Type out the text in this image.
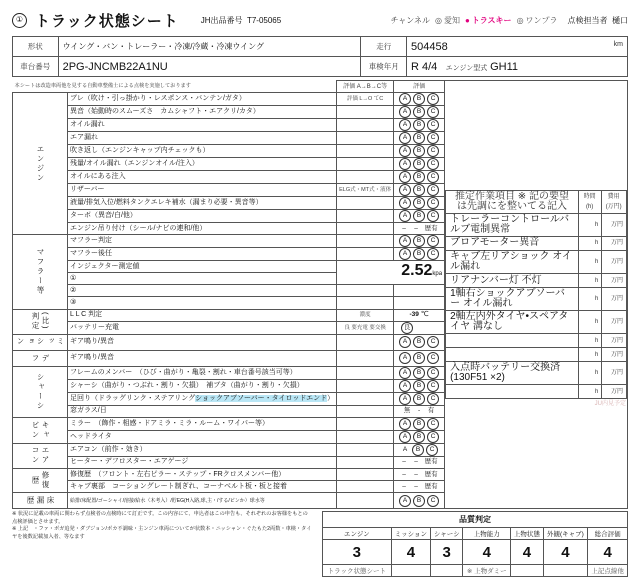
① トラック状態シート	JH出品番号 T7-05065	チャンネル ◎ 愛知 ● トラスキー ◎ ワンプラ 点検担当者 樋口
形状	ウイング・バン・トレーラー・冷凍/冷蔵・冷凍ウイング	走行	504458 km

車台番号	2PG-JNCMB22A1NU	車検年月	R 4/4 エンジン型式 GH11
本シートは改造車両他を見する自動車整備士による点検を実施しております	評価 A→B→C等	評価	
推定作業項目 ※ 記の要望は先調にを整いてる記入	時間(h)	費用(万円)
トレーラーコントロールバルブ電制異常	h	万円
ブロアモーター異音	h	万円
キャブ左リアショック オイル漏れ	h	万円
リアナンバー灯 不灯	h	万円
1軸右ショックアブソーバー オイル漏れ	h	万円
2軸左内外タイヤ•スペアタイヤ 溝なし	h	万円
	h	万円
	h	万円
入点時バッテリー交換済(130F51 ×2)	h	万円
	h	万円

エンジン	ブレ（吹け・引っ掛かり・レスポンス・バンテン/ガタ）	評価 L→O てC	A B C
異音（始動時のスムーズさ　カムシャフト・エアクリ/カタ）		A B C
オイル漏れ		A B C
エア漏れ		A B C
吹き返し（エンジンキャップ内チェックも）		A B C
残量/オイル漏れ（エンジンオイル/注入）		A B C
オイルにある注入		A B C
リザーバー	ELG式・MT式・液体	A B C
液量/排気入位/燃料タンクエレキ補水（漏まり必要・異音等）		A B C
ターボ（異音/白/他）		A B C
エンジン吊り付け（シール/ナビの連和/他）		– – 歴有
マフラー等	マフラー判定		A B C
マフラー後任		A B C
インジェクター測定値	2.52kpa
①
②		
③		
(比)判定	L L C 判定	濃度	-39 ℃
バッテリー充電	良 要充電 要交換	良　　
ミッション	ギア鳴り/異音		A B C
デフ	ギア鳴り/異音		A B C
シャーシ	フレームのメンバー　（ひび・曲がり・亀裂・割れ・車台番号該当可等）		A B C
シャーシ（曲がり・つぶれ・割り・欠損）　補ブタ（曲がり・割り・欠損）		A B C
足回り（ドラッグリンク・ステアリングショックアブソーバー・タイロッドエンド）		A B C
窓ガラス/日		無 - 有
キャビン	ミラー　（飾作・相感・ドアミラ・ミラ・ルーム・ワイパー等）		A B C
ヘッドライタ		A B C
エアコン	エアコン（前作・効き）		A B C
ヒーター・デフロスター・エアゲージ		– – 歴有
修復歴	修復歴　（フロント・左右ピラー・ステップ・FRクロスメンバー他）		– – 歴有
キャブ裏部　コーショングレート制ぎれ、コーナベルト板・板と接着		– – 歴有
床漏歴	給排/床配置/ゴーシャイ/溶接/給水（木考入）/貯EG(H入路,球,主・/する/ピンか）球水等		A B C
JU内見予定
※ 状況に記載の車両に関わらず点検者の点検時にて訂正です。この内容にて、申込者はこの申告も、それぞれのお客様をもとの点検評価とさせます。
※ 上記　・ファ・ボガ追発・ダブジョン/ボカ不調味・主ンジン車両についてが状数本・ニッシャン・ぐたもた2両数・車検・タイヤを後数記載加入者、等なます
品質判定						
エンジン	ミッション	シャーシ	上物能力	上物状態	外観(キャブ)	総合評価
3	4	3	4	4	4	4
トラック状態シート			※ 上物ダミー			上記点線他
